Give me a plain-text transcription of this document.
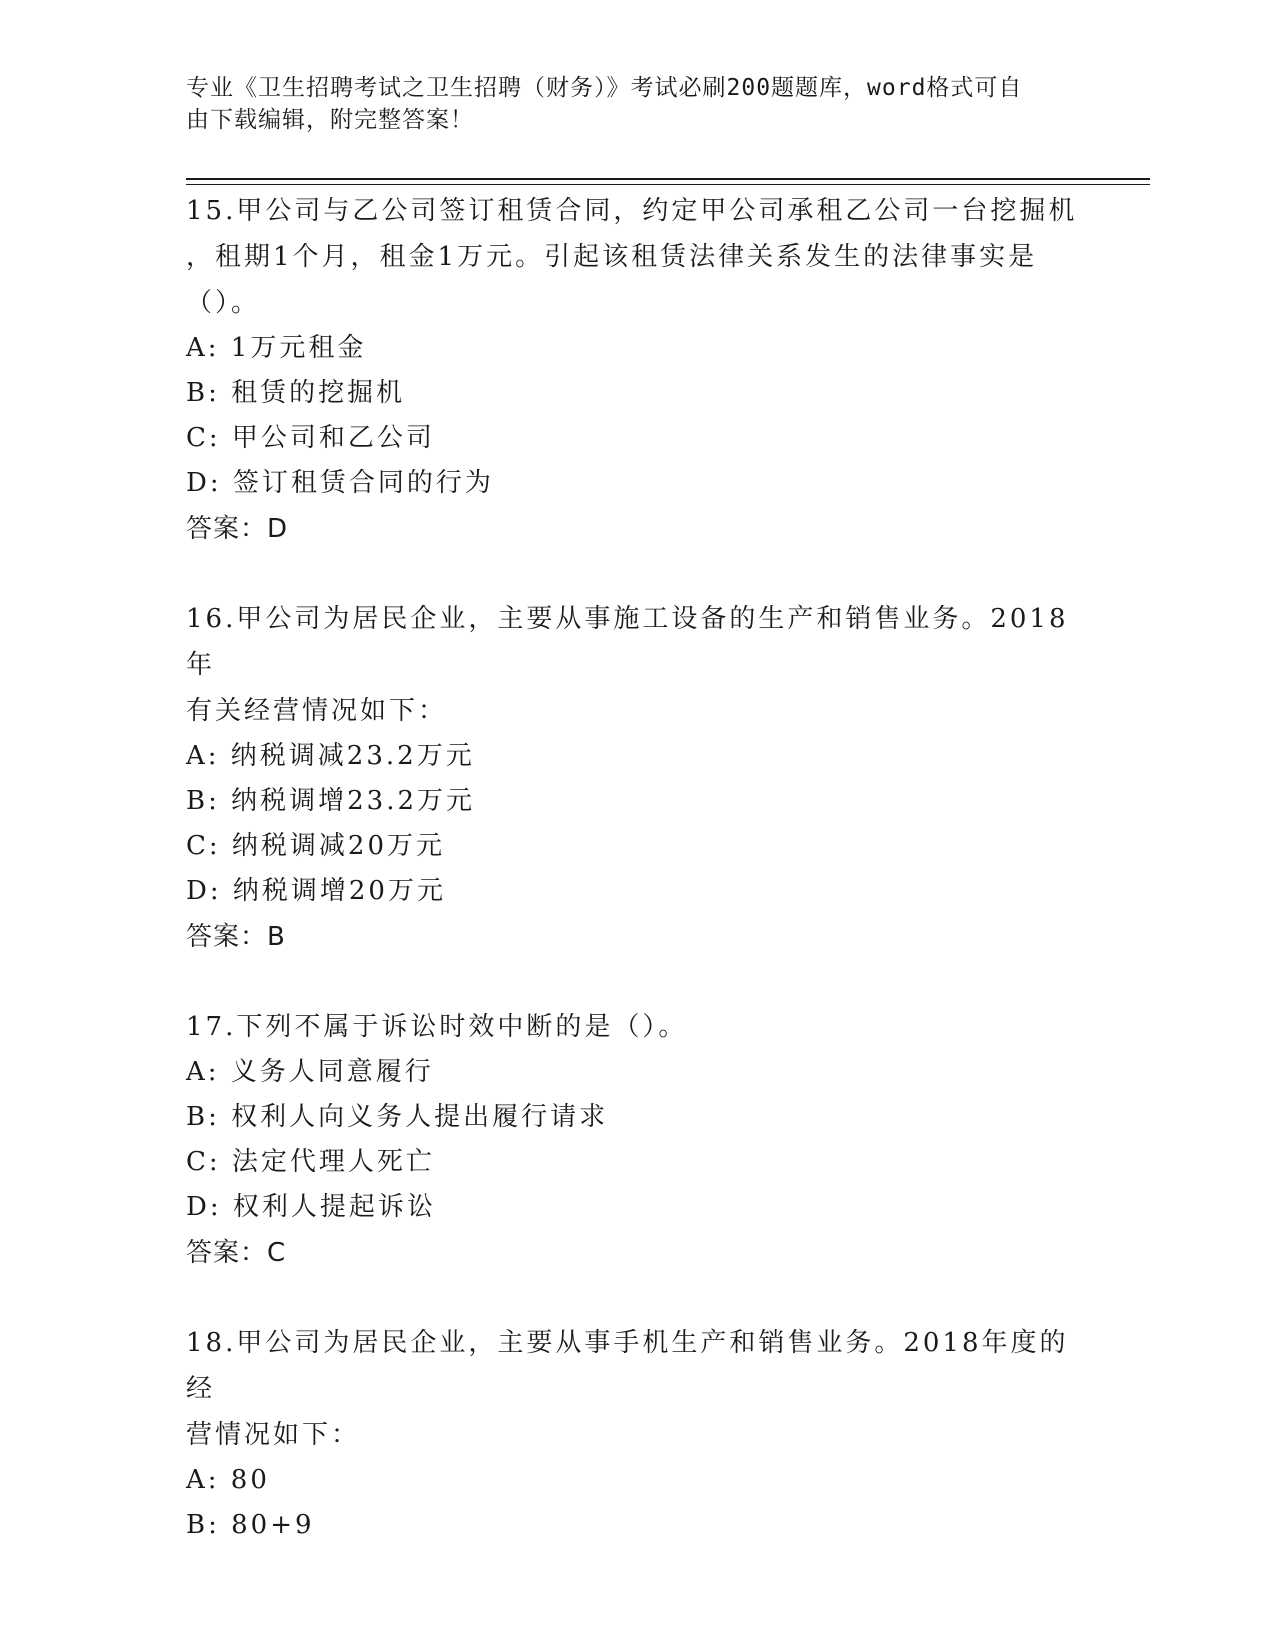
专业《卫生招聘考试之卫生招聘（财务）》考试必刷200题题库，word格式可自
由下载编辑，附完整答案！
15.甲公司与乙公司签订租赁合同，约定甲公司承租乙公司一台挖掘机
，租期1个月，租金1万元。引起该租赁法律关系发生的法律事实是
（）。
A: 1万元租金
B: 租赁的挖掘机
C: 甲公司和乙公司
D: 签订租赁合同的行为
答案：D
16.甲公司为居民企业，主要从事施工设备的生产和销售业务。2018年
有关经营情况如下：
A: 纳税调减23.2万元
B: 纳税调增23.2万元
C: 纳税调减20万元
D: 纳税调增20万元
答案：B
17.下列不属于诉讼时效中断的是（）。
A: 义务人同意履行
B: 权利人向义务人提出履行请求
C: 法定代理人死亡
D: 权利人提起诉讼
答案：C
18.甲公司为居民企业，主要从事手机生产和销售业务。2018年度的经
营情况如下：
A: 80
B: 80+9
